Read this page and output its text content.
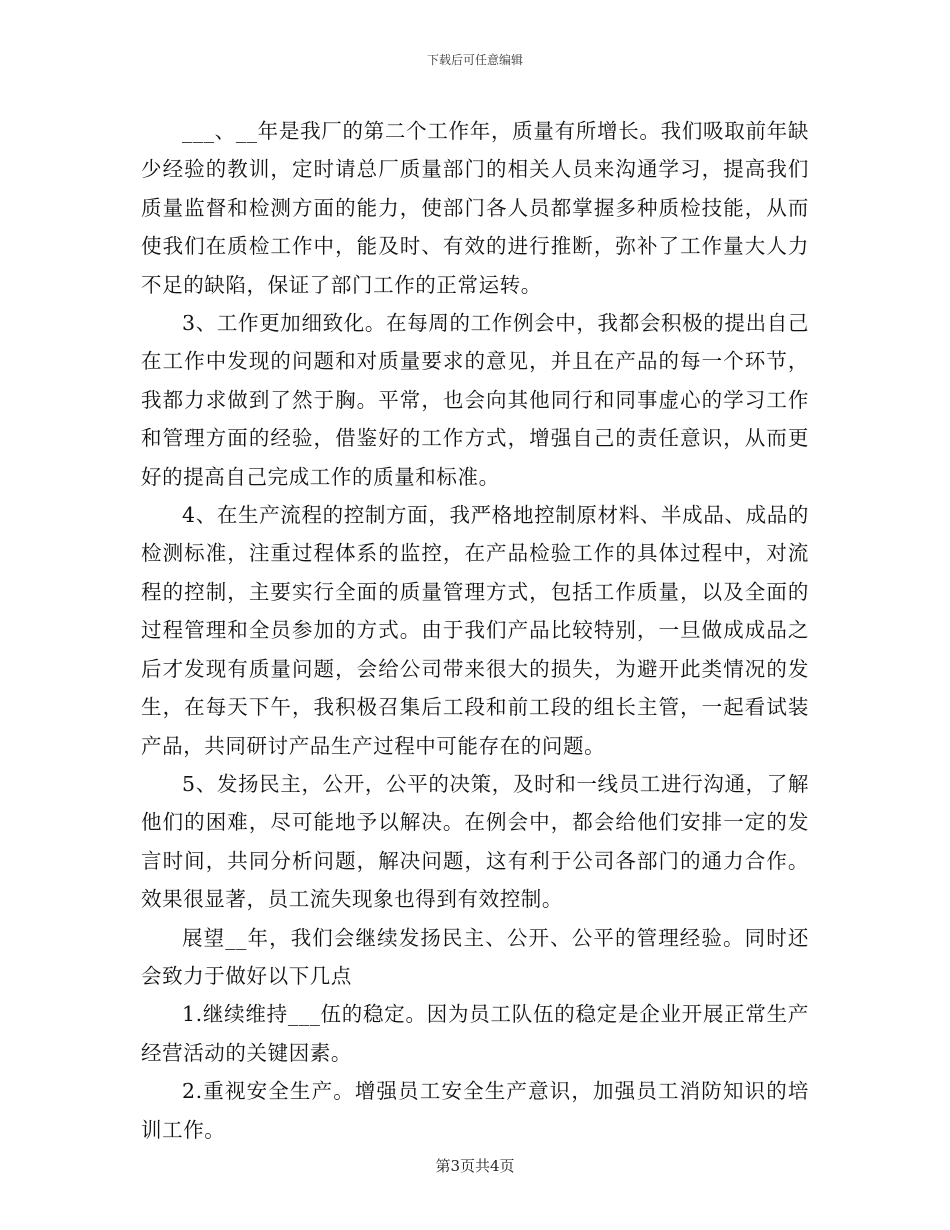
下载后可任意编辑

___、__年是我厂的第二个工作年，质量有所增长。我们吸取前年缺少经验的教训，定时请总厂质量部门的相关人员来沟通学习，提高我们质量监督和检测方面的能力，使部门各人员都掌握多种质检技能，从而使我们在质检工作中，能及时、有效的进行推断，弥补了工作量大人力不足的缺陷，保证了部门工作的正常运转。

3、工作更加细致化。在每周的工作例会中，我都会积极的提出自己在工作中发现的问题和对质量要求的意见，并且在产品的每一个环节，我都力求做到了然于胸。平常，也会向其他同行和同事虚心的学习工作和管理方面的经验，借鉴好的工作方式，增强自己的责任意识，从而更好的提高自己完成工作的质量和标准。

4、在生产流程的控制方面，我严格地控制原材料、半成品、成品的检测标准，注重过程体系的监控，在产品检验工作的具体过程中，对流程的控制，主要实行全面的质量管理方式，包括工作质量，以及全面的过程管理和全员参加的方式。由于我们产品比较特别，一旦做成成品之后才发现有质量问题，会给公司带来很大的损失，为避开此类情况的发生，在每天下午，我积极召集后工段和前工段的组长主管，一起看试装产品，共同研讨产品生产过程中可能存在的问题。

5、发扬民主，公开，公平的决策，及时和一线员工进行沟通，了解他们的困难，尽可能地予以解决。在例会中，都会给他们安排一定的发言时间，共同分析问题，解决问题，这有利于公司各部门的通力合作。效果很显著，员工流失现象也得到有效控制。

展望__年，我们会继续发扬民主、公开、公平的管理经验。同时还会致力于做好以下几点

1.继续维持___伍的稳定。因为员工队伍的稳定是企业开展正常生产经营活动的关键因素。

2.重视安全生产。增强员工安全生产意识，加强员工消防知识的培训工作。

第3页共4页
